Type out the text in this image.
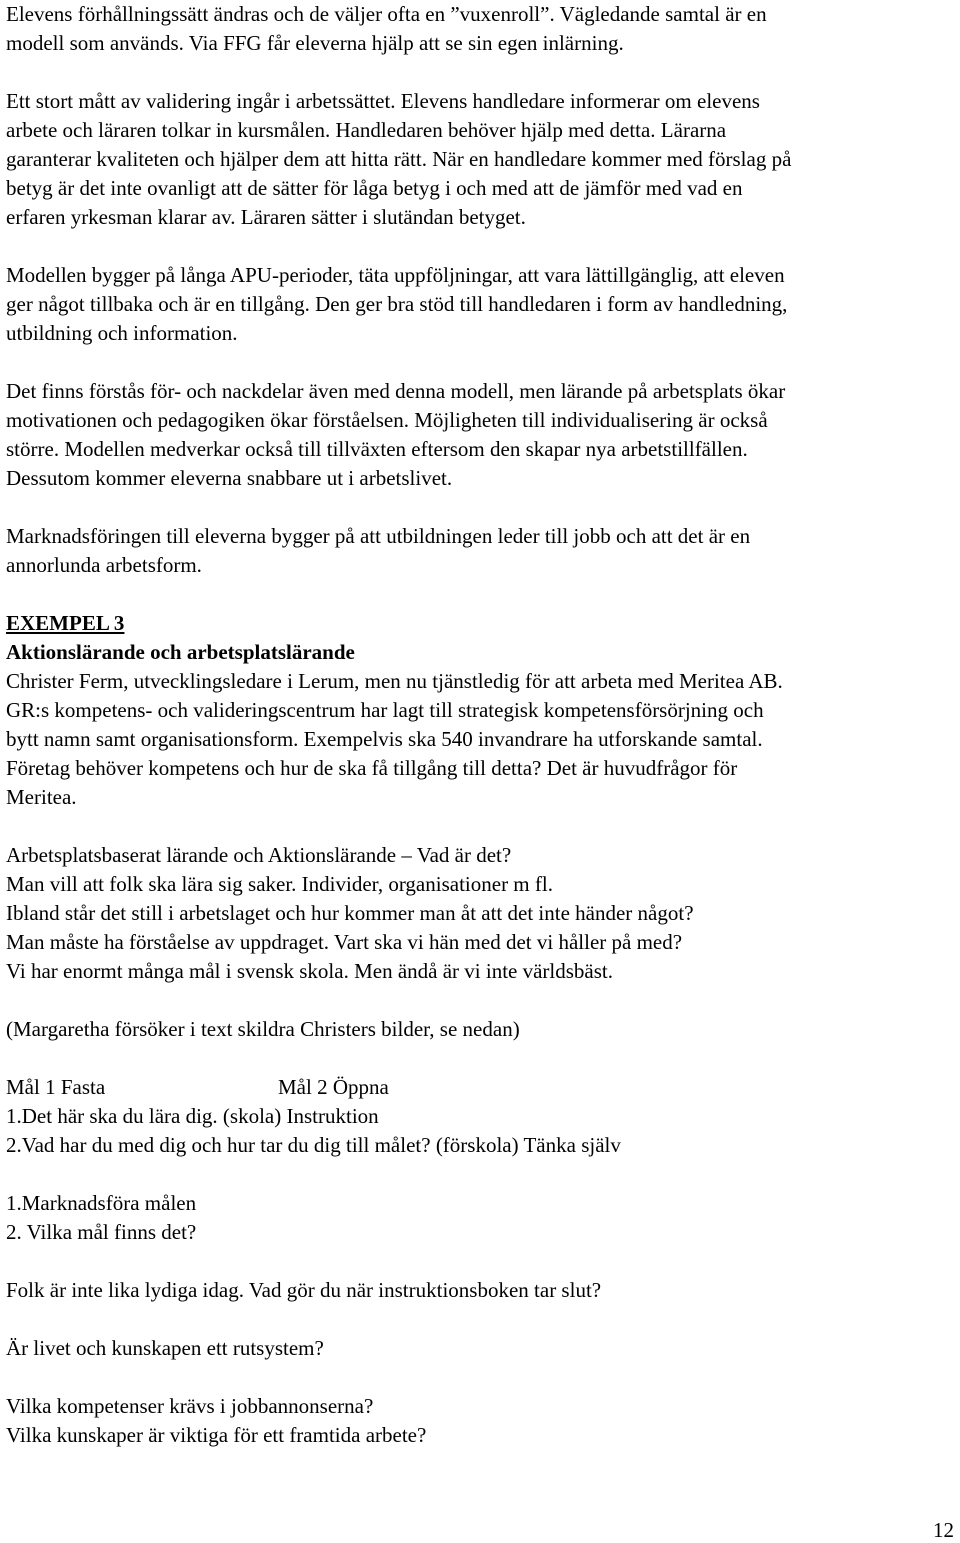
Elevens förhållningssätt ändras och de väljer ofta en ”vuxenroll”. Vägledande samtal är en
modell som används. Via FFG får eleverna hjälp att se sin egen inlärning.
Ett stort mått av validering ingår i arbetssättet. Elevens handledare informerar om elevens
arbete och läraren tolkar in kursmålen. Handledaren behöver hjälp med detta. Lärarna
garanterar kvaliteten och hjälper dem att hitta rätt. När en handledare kommer med förslag på
betyg är det inte ovanligt att de sätter för låga betyg i och med att de jämför med vad en
erfaren yrkesman klarar av. Läraren sätter i slutändan betyget.
Modellen bygger på långa APU-perioder, täta uppföljningar, att vara lättillgänglig, att eleven
ger något tillbaka och är en tillgång. Den ger bra stöd till handledaren i form av handledning,
utbildning och information.
Det finns förstås för- och nackdelar även med denna modell, men lärande på arbetsplats ökar
motivationen och pedagogiken ökar förståelsen. Möjligheten till individualisering är också
större. Modellen medverkar också till tillväxten eftersom den skapar nya arbetstillfällen.
Dessutom kommer eleverna snabbare ut i arbetslivet.
Marknadsföringen till eleverna bygger på att utbildningen leder till jobb och att det är en
annorlunda arbetsform.
EXEMPEL 3
Aktionslärande och arbetsplatslärande
Christer Ferm, utvecklingsledare i Lerum, men nu tjänstledig för att arbeta med Meritea AB.
GR:s kompetens- och valideringscentrum har lagt till strategisk kompetensförsörjning och
bytt namn samt organisationsform. Exempelvis ska 540 invandrare ha utforskande samtal.
Företag behöver kompetens och hur de ska få tillgång till detta? Det är huvudfrågor för
Meritea.
Arbetsplatsbaserat lärande och Aktionslärande – Vad är det?
Man vill att folk ska lära sig saker. Individer, organisationer m fl.
Ibland står det still i arbetslaget och hur kommer man åt att det inte händer något?
Man måste ha förståelse av uppdraget. Vart ska vi hän med det vi håller på med?
Vi har enormt många mål i svensk skola. Men ändå är vi inte världsbäst.
(Margaretha försöker i text skildra Christers bilder, se nedan)
Mål 1 Fasta	Mål 2 Öppna
1.Det här ska du lära dig. (skola) Instruktion
2.Vad har du med dig och hur tar du dig till målet? (förskola) Tänka själv
1.Marknadsföra målen
2. Vilka mål finns det?
Folk är inte lika lydiga idag. Vad gör du när instruktionsboken tar slut?
Är livet och kunskapen ett rutsystem?
Vilka kompetenser krävs i jobbannonserna?
Vilka kunskaper är viktiga för ett framtida arbete?
12
